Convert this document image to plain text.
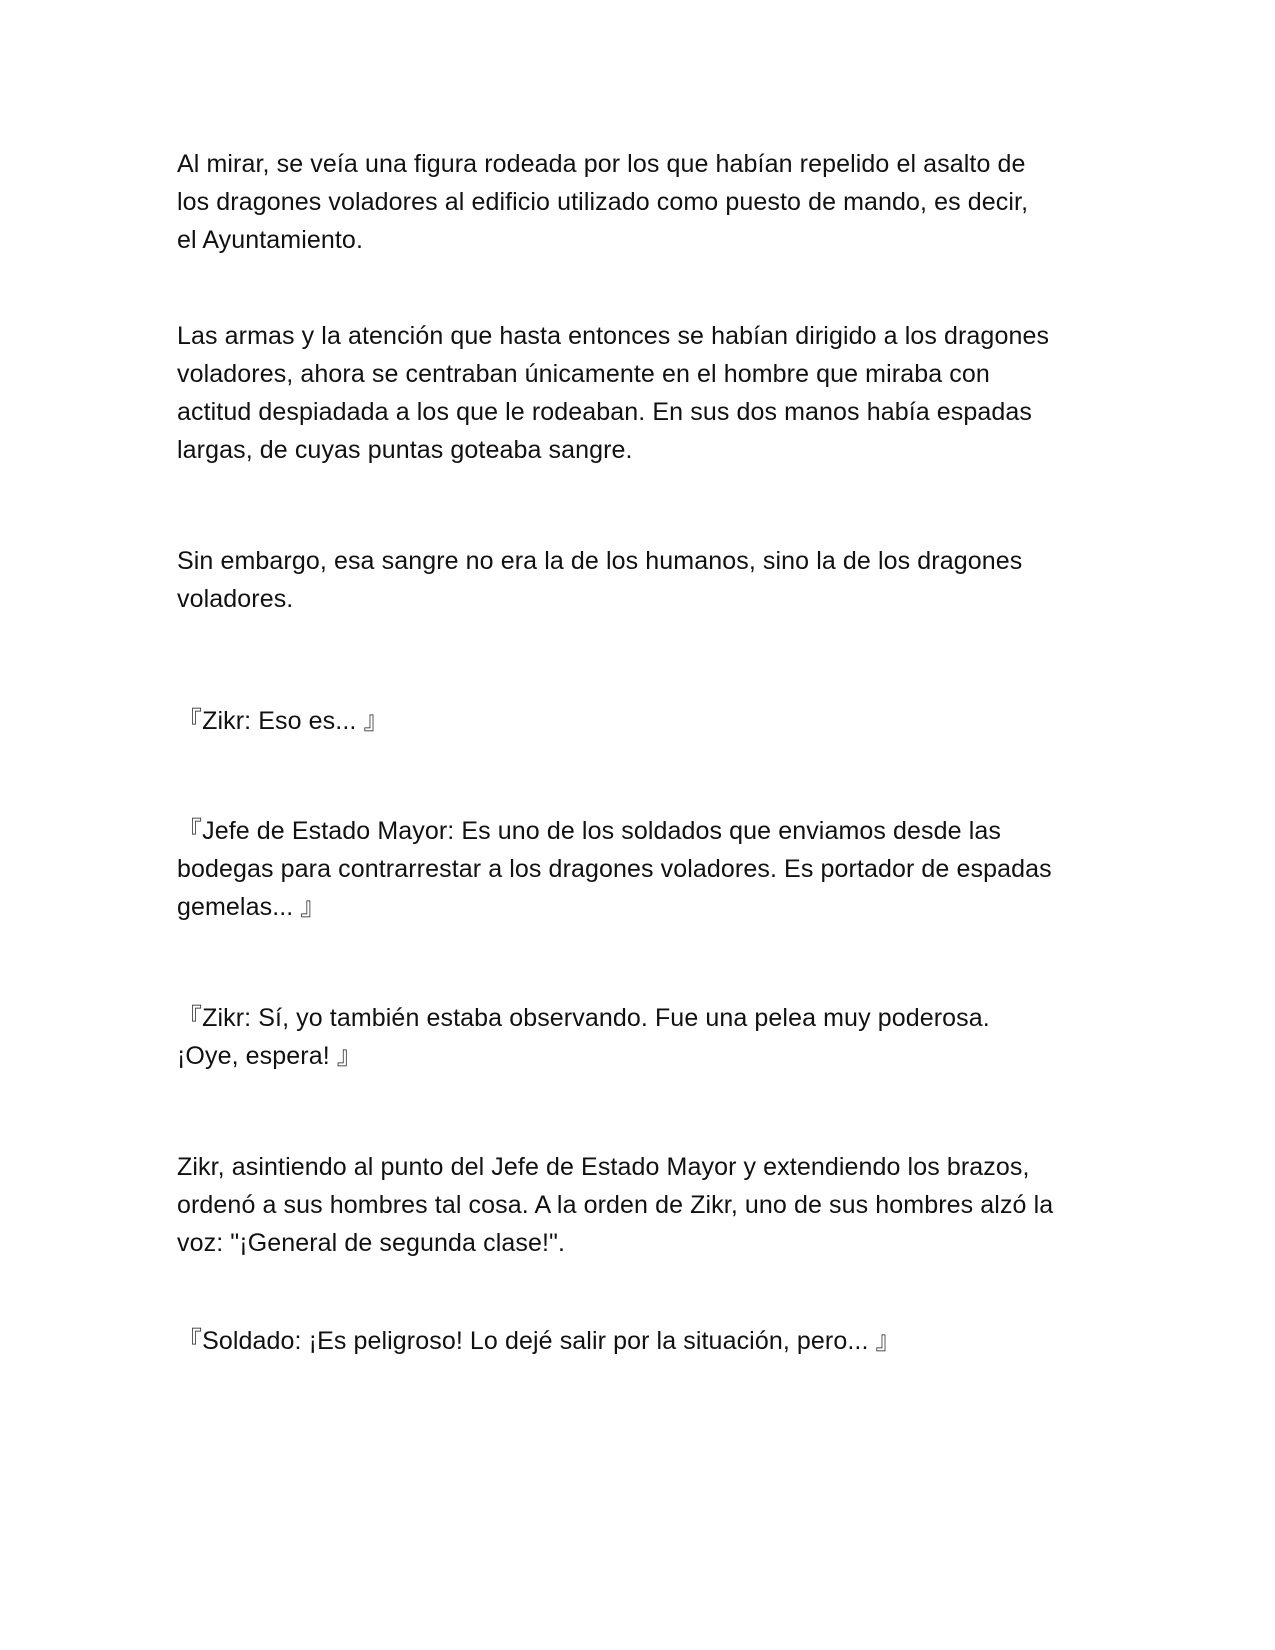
Al mirar, se veía una figura rodeada por los que habían repelido el asalto de
los dragones voladores al edificio utilizado como puesto de mando, es decir,
el Ayuntamiento.

Las armas y la atención que hasta entonces se habían dirigido a los dragones
voladores, ahora se centraban únicamente en el hombre que miraba con
actitud despiadada a los que le rodeaban. En sus dos manos había espadas
largas, de cuyas puntas goteaba sangre.

Sin embargo, esa sangre no era la de los humanos, sino la de los dragones
voladores.

『Zikr: Eso es... 』

『Jefe de Estado Mayor: Es uno de los soldados que enviamos desde las
bodegas para contrarrestar a los dragones voladores. Es portador de espadas
gemelas... 』

『Zikr: Sí, yo también estaba observando. Fue una pelea muy poderosa.
¡Oye, espera! 』

Zikr, asintiendo al punto del Jefe de Estado Mayor y extendiendo los brazos,
ordenó a sus hombres tal cosa. A la orden de Zikr, uno de sus hombres alzó la
voz: "¡General de segunda clase!".

『Soldado: ¡Es peligroso! Lo dejé salir por la situación, pero... 』
